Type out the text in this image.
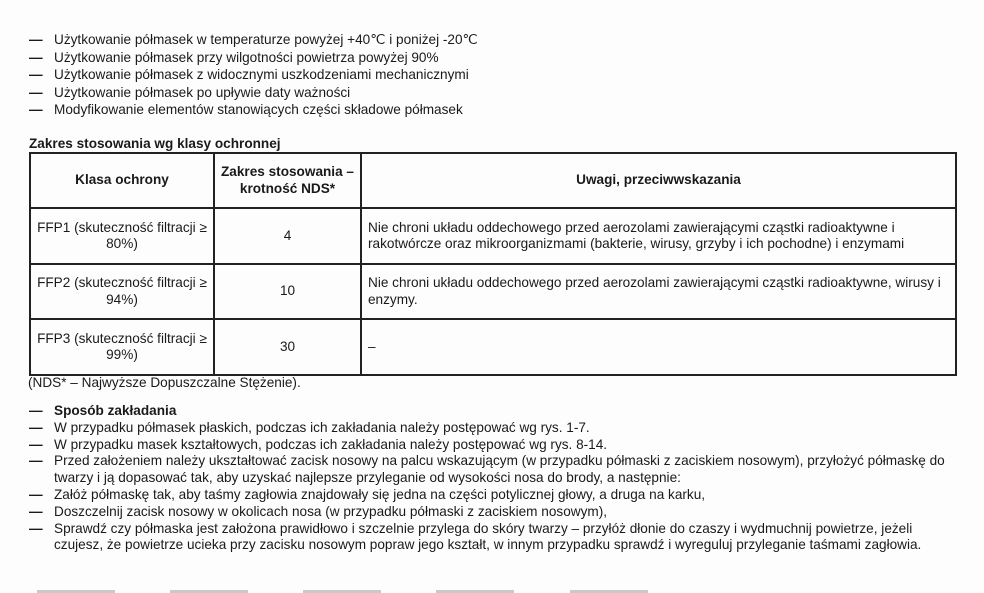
— Użytkowanie półmasek w temperaturze powyżej +40℃ i poniżej -20℃
— Użytkowanie półmasek przy wilgotności powietrza powyżej 90%
— Użytkowanie półmasek z widocznymi uszkodzeniami mechanicznymi
— Użytkowanie półmasek po upływie daty ważności
— Modyfikowanie elementów stanowiących części składowe półmasek
Zakres stosowania wg klasy ochronnej
Klasa ochrony	Zakres stosowania – krotność NDS*	Uwagi, przeciwwskazania
FFP1 (skuteczność filtracji ≥ 80%)	4	Nie chroni układu oddechowego przed aerozolami zawierającymi cząstki radioaktywne i rakotwórcze oraz mikroorganizmami (bakterie, wirusy, grzyby i ich pochodne) i enzymami
FFP2 (skuteczność filtracji ≥ 94%)	10	Nie chroni układu oddechowego przed aerozolami zawierającymi cząstki radioaktywne, wirusy i enzymy.
FFP3 (skuteczność filtracji ≥ 99%)	30	–
(NDS* – Najwyższe Dopuszczalne Stężenie).
— Sposób zakładania
— W przypadku półmasek płaskich, podczas ich zakładania należy postępować wg rys. 1-7.
— W przypadku masek kształtowych, podczas ich zakładania należy postępować wg rys. 8-14.
— Przed założeniem należy ukształtować zacisk nosowy na palcu wskazującym (w przypadku półmaski z zaciskiem nosowym), przyłożyć półmaskę do twarzy i ją dopasować tak, aby uzyskać najlepsze przyleganie od wysokości nosa do brody, a następnie:
— Załóż półmaskę tak, aby taśmy zagłowia znajdowały się jedna na części potylicznej głowy, a druga na karku,
— Doszczelnij zacisk nosowy w okolicach nosa (w przypadku półmaski z zaciskiem nosowym),
— Sprawdź czy półmaska jest założona prawidłowo i szczelnie przylega do skóry twarzy – przyłóż dłonie do czaszy i wydmuchnij powietrze, jeżeli czujesz, że powietrze ucieka przy zacisku nosowym popraw jego kształt, w innym przypadku sprawdź i wyreguluj przyleganie taśmami zagłowia.
